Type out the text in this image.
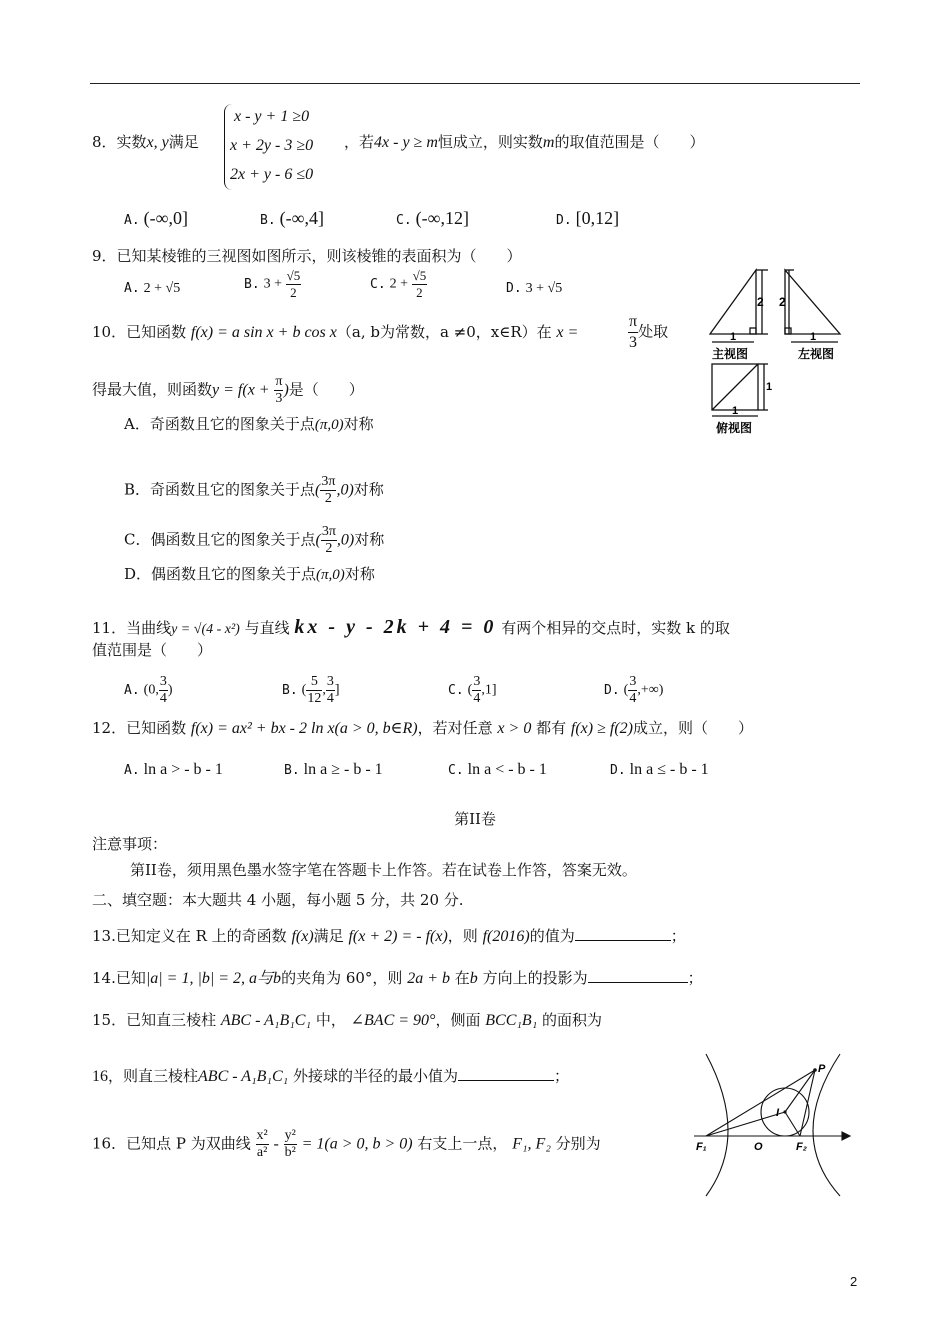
8．实数x, y满足
x - y + 1 ≥0
x + 2y - 3 ≥0
2x + y - 6 ≤0
，若4x - y ≥ m恒成立，则实数m的取值范围是（　　）
A. (-∞,0]	B. (-∞,4]	C. (-∞,12]	D. [0,12]
9．已知某棱锥的三视图如图所示，则该棱锥的表面积为（　　）
A. 2 + √5	B. $3 + \frac{√5}{2}$	C. $2 + \frac{√5}{2}$	D. 3 + √5
2 2
1	1
1
1
主视图	左视图
俯视图
10．已知函数 f(x) = a sin x + b cos x（a, b为常数，a ≠0，x∈R）在 x =	$\frac{\pi}{3}$ 处取
得最大值，则函数$y = f(x + \frac{\pi}{3}$ )是（　　）
A．奇函数且它的图象关于点(π,0)对称
B．奇函数且它的图象关于点( $\frac{3\pi}{2} ,0$)对称
C．偶函数且它的图象关于点( $\frac{3\pi}{2} ,0$)对称
D．偶函数且它的图象关于点(π,0)对称
11．当曲线y = √(4 - x²) 与直线 kx - y - 2k + 4 = 0 有两个相异的交点时，实数 k 的取
值范围是（　　）
A. (0, $\frac{3}{4}$ )	B. ( $\frac{5}{12}$ , $\frac{3}{4}$ ]	C. ( $\frac{3}{4} ,1$]	D. ( $\frac{3}{4}$ ,+∞)
12．已知函数 f(x) = ax² + bx - 2 ln x(a > 0, b∈R)，若对任意 x > 0 都有 f(x) ≥ f(2)成立，则（　　）
A. ln a > - b - 1	B. ln a ≥ - b - 1	C. ln a < - b - 1	D. ln a ≤ - b - 1
第II卷
注意事项：
第II卷，须用黑色墨水签字笔在答题卡上作答。若在试卷上作答，答案无效。
二、填空题：本大题共 4 小题，每小题 5 分，共 20 分.
13.已知定义在 R 上的奇函数 f(x)满足 f(x + 2) = - f(x)，则 f(2016)的值为	；
14.已知|a| = 1, |b| = 2, a与b的夹角为 60°，则 2a + b 在b 方向上的投影为	；
15．已知直三棱柱 ABC - A₁B₁C₁ 中， ∠BAC = 90°，侧面 BCC₁B₁ 的面积为
16，则直三棱柱ABC - A₁B₁C₁ 外接球的半径的最小值为	；
16．已知点 P 为双曲线 $\frac{\text{x²}}{\text{a²}} - \frac{\text{y²}}{\text{b²}} = 1(a > 0$, b > 0) 右支上一点， F₁, F₂ 分别为
P
I
O
F₁	F₂
2
